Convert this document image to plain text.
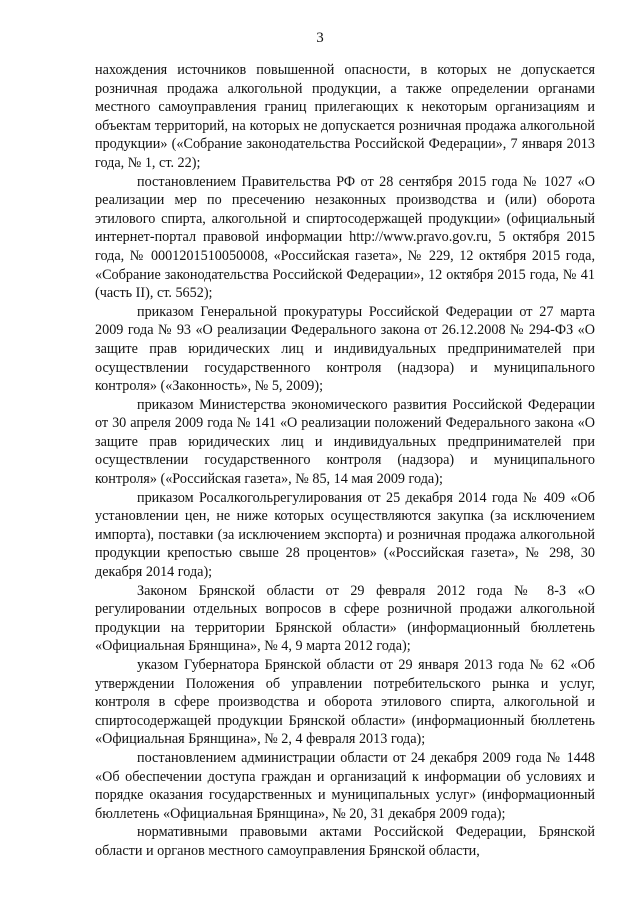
3

нахождения источников повышенной опасности, в которых не допускается розничная продажа алкогольной продукции, а также определении органами местного самоуправления границ прилегающих к некоторым организациям и объектам территорий, на которых не допускается розничная продажа алкогольной продукции» («Собрание законодательства Российской Федерации», 7 января 2013 года, № 1, ст. 22);

постановлением Правительства РФ от 28 сентября 2015 года № 1027 «О реализации мер по пресечению незаконных производства и (или) оборота этилового спирта, алкогольной и спиртосодержащей продукции» (официальный интернет-портал правовой информации http://www.pravo.gov.ru, 5 октября 2015 года, № 0001201510050008, «Российская газета», № 229, 12 октября 2015 года, «Собрание законодательства Российской Федерации», 12 октября 2015 года, № 41 (часть II), ст. 5652);

приказом Генеральной прокуратуры Российской Федерации от 27 марта 2009 года № 93 «О реализации Федерального закона от 26.12.2008 № 294-ФЗ «О защите прав юридических лиц и индивидуальных предпринимателей при осуществлении государственного контроля (надзора) и муниципального контроля» («Законность», № 5, 2009);

приказом Министерства экономического развития Российской Федерации от 30 апреля 2009 года № 141 «О реализации положений Федерального закона «О защите прав юридических лиц и индивидуальных предпринимателей при осуществлении государственного контроля (надзора) и муниципального контроля» («Российская газета», № 85, 14 мая 2009 года);

приказом Росалкогольрегулирования от 25 декабря 2014 года № 409 «Об установлении цен, не ниже которых осуществляются закупка (за исключением импорта), поставки (за исключением экспорта) и розничная продажа алкогольной продукции крепостью свыше 28 процентов» («Российская газета», № 298, 30 декабря 2014 года);

Законом Брянской области от 29 февраля 2012 года № 8-З «О регулировании отдельных вопросов в сфере розничной продажи алкогольной продукции на территории Брянской области» (информационный бюллетень «Официальная Брянщина», № 4, 9 марта 2012 года);

указом Губернатора Брянской области от 29 января 2013 года № 62 «Об утверждении Положения об управлении потребительского рынка и услуг, контроля в сфере производства и оборота этилового спирта, алкогольной и спиртосодержащей продукции Брянской области» (информационный бюллетень «Официальная Брянщина», № 2, 4 февраля 2013 года);

постановлением администрации области от 24 декабря 2009 года № 1448 «Об обеспечении доступа граждан и организаций к информации об условиях и порядке оказания государственных и муниципальных услуг» (информационный бюллетень «Официальная Брянщина», № 20, 31 декабря 2009 года);

нормативными правовыми актами Российской Федерации, Брянской области и органов местного самоуправления Брянской области,
